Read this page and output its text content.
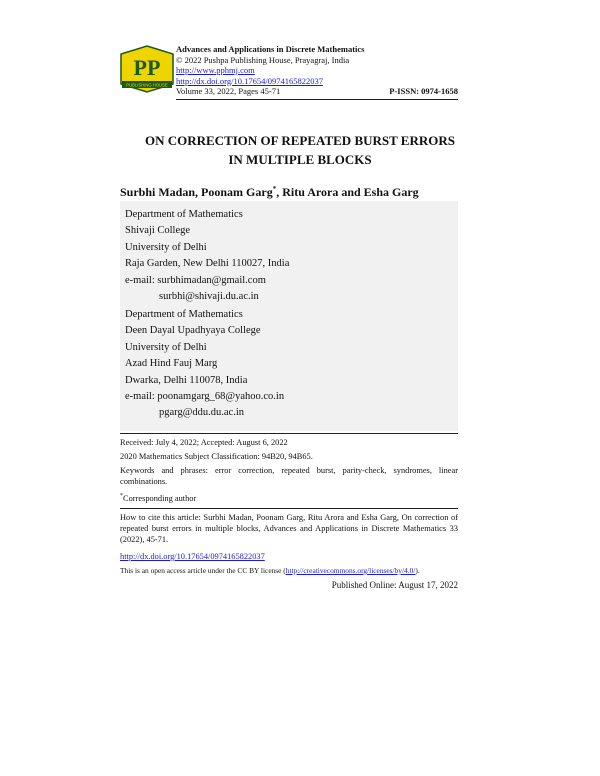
PP
PUBLISHING HOUSE
Advances and Applications in Discrete Mathematics
© 2022 Pushpa Publishing House, Prayagraj, India
http://www.pphmj.com
http://dx.doi.org/10.17654/0974165822037
Volume 33, 2022, Pages 45-71	P-ISSN: 0974-1658
ON CORRECTION OF REPEATED BURST ERRORS
IN MULTIPLE BLOCKS
Surbhi Madan, Poonam Garg*, Ritu Arora and Esha Garg
Department of Mathematics
Shivaji College
University of Delhi
Raja Garden, New Delhi 110027, India
e-mail: surbhimadan@gmail.com
surbhi@shivaji.du.ac.in
Department of Mathematics
Deen Dayal Upadhyaya College
University of Delhi
Azad Hind Fauj Marg
Dwarka, Delhi 110078, India
e-mail: poonamgarg_68@yahoo.co.in
pgarg@ddu.du.ac.in
Received: July 4, 2022; Accepted: August 6, 2022
2020 Mathematics Subject Classification: 94B20, 94B65.
Keywords and phrases: error correction, repeated burst, parity-check, syndromes, linear combinations.
*Corresponding author
How to cite this article: Surbhi Madan, Poonam Garg, Ritu Arora and Esha Garg, On correction of repeated burst errors in multiple blocks, Advances and Applications in Discrete Mathematics 33 (2022), 45-71.
http://dx.doi.org/10.17654/0974165822037
This is an open access article under the CC BY license (http://creativecommons.org/licenses/by/4.0/).
Published Online: August 17, 2022
